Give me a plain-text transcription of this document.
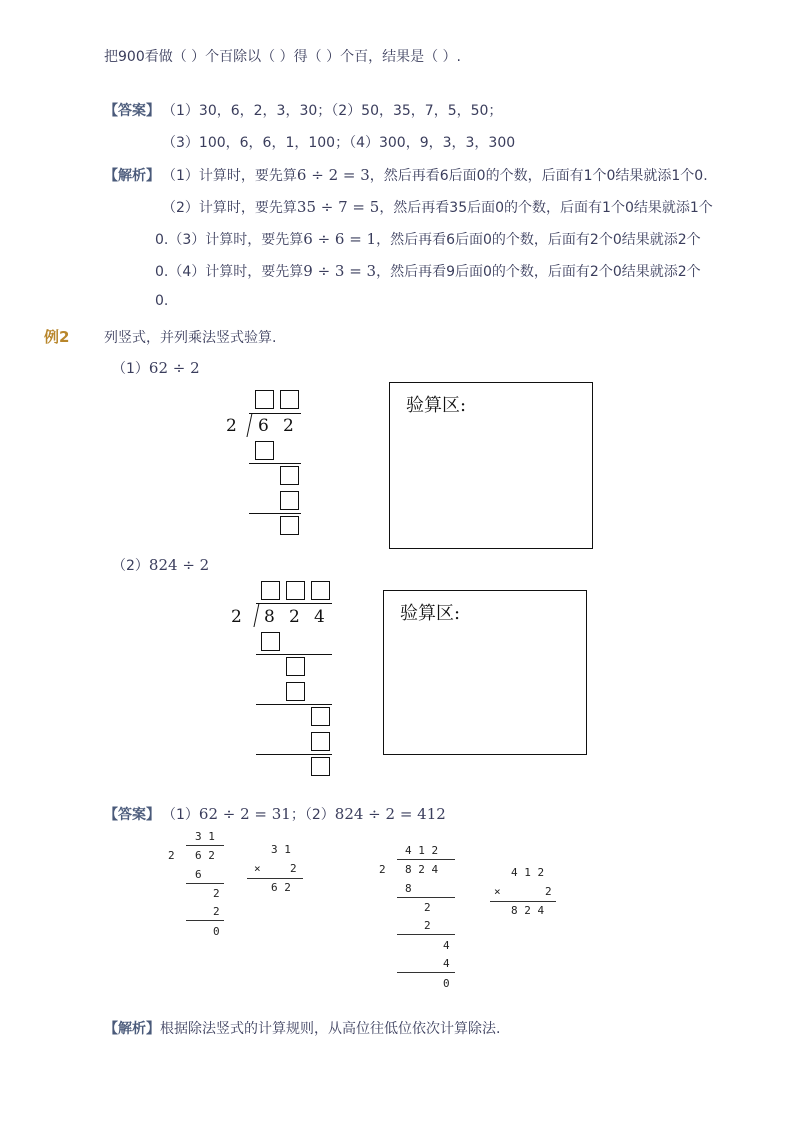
把900看做（ ）个百除以（ ）得（ ）个百，结果是（ ）.
【答案】 （1）30，6，2，3，30；（2）50，35，7，5，50；
（3）100，6，6，1，100；（4）300，9，3，3，300
【解析】 （1）计算时，要先算6 ÷ 2 = 3，然后再看6后面0的个数，后面有1个0结果就添1个0.
（2）计算时，要先算35 ÷ 7 = 5，然后再看35后面0的个数，后面有1个0结果就添1个
0.（3）计算时，要先算6 ÷ 6 = 1，然后再看6后面0的个数，后面有2个0结果就添2个
0.（4）计算时，要先算9 ÷ 3 = 3，然后再看9后面0的个数，后面有2个0结果就添2个
0.
例2 列竖式，并列乘法竖式验算.
（1）62 ÷ 2
2 6 2
验算区:
（2）824 ÷ 2
2 8 2 4	验算区:
【答案】 （1）62 ÷ 2 = 31；（2）824 ÷ 2 = 412
3 1
2 6 2
6
2
2
0
3 1
×	2
6 2
4 1 2
2 8 2 4
8
2
2
4
4
0
4 1 2
×	2
8 2 4
【解析】根据除法竖式的计算规则，从高位往低位依次计算除法.
